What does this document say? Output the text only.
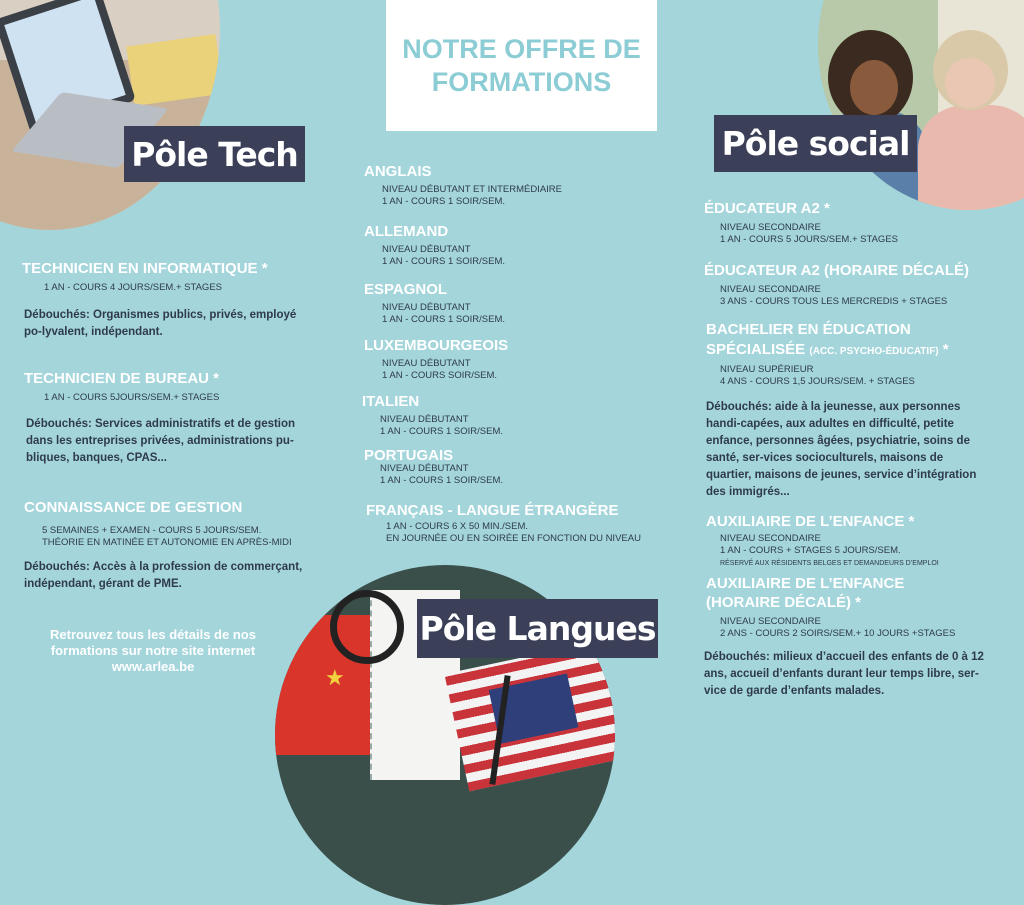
★
NOTRE OFFRE DE
FORMATIONS
Pôle Tech	Pôle social
Pôle Langues
TECHNICIEN EN INFORMATIQUE *
1 AN - COURS 4 JOURS/SEM.+ STAGES
Débouchés: Organismes publics, privés, employé po-lyvalent, indépendant.
TECHNICIEN DE BUREAU *
1 AN - COURS 5JOURS/SEM.+ STAGES
Débouchés: Services administratifs et de gestion dans les entreprises privées, administrations pu-bliques, banques, CPAS...
CONNAISSANCE DE GESTION
5 SEMAINES + EXAMEN - COURS 5 JOURS/SEM.
THÉORIE EN MATINÉE ET AUTONOMIE EN APRÈS-MIDI
Débouchés: Accès à la profession de commerçant, indépendant, gérant de PME.
Retrouvez tous les détails de nos
formations sur notre site internet
www.arlea.be
ANGLAIS
NIVEAU DÉBUTANT ET INTERMÉDIAIRE
1 AN - COURS 1 SOIR/SEM.
ALLEMAND
NIVEAU DÉBUTANT
1 AN - COURS 1 SOIR/SEM.
ESPAGNOL
NIVEAU DÉBUTANT
1 AN - COURS 1 SOIR/SEM.
LUXEMBOURGEOIS
NIVEAU DÉBUTANT
1 AN - COURS SOIR/SEM.
ITALIEN
NIVEAU DÉBUTANT
1 AN - COURS 1 SOIR/SEM.
PORTUGAIS
NIVEAU DÉBUTANT
1 AN - COURS 1 SOIR/SEM.
FRANÇAIS - LANGUE ÉTRANGÈRE
1 AN - COURS 6 X 50 MIN./SEM.
EN JOURNÉE OU EN SOIRÉE EN FONCTION DU NIVEAU
ÉDUCATEUR A2 *
NIVEAU SECONDAIRE
1 AN - COURS 5 JOURS/SEM.+ STAGES
ÉDUCATEUR A2 (HORAIRE DÉCALÉ)
NIVEAU SECONDAIRE
3 ANS - COURS TOUS LES MERCREDIS + STAGES
BACHELIER EN ÉDUCATION
SPÉCIALISÉE (ACC. PSYCHO-ÉDUCATIF) *
NIVEAU SUPÉRIEUR
4 ANS - COURS 1,5 JOURS/SEM. + STAGES
Débouchés: aide à la jeunesse, aux personnes handi-capées, aux adultes en difficulté, petite enfance, personnes âgées, psychiatrie, soins de santé, ser-vices socioculturels, maisons de quartier, maisons de jeunes, service d’intégration des immigrés...
AUXILIAIRE DE L’ENFANCE *
NIVEAU SECONDAIRE
1 AN - COURS + STAGES 5 JOURS/SEM.
RÉSERVÉ AUX RÉSIDENTS BELGES ET DEMANDEURS D’EMPLOI
AUXILIAIRE DE L’ENFANCE
(HORAIRE DÉCALÉ) *
NIVEAU SECONDAIRE
2 ANS - COURS 2 SOIRS/SEM.+ 10 JOURS +STAGES
Débouchés: milieux d’accueil des enfants de 0 à 12 ans, accueil d’enfants durant leur temps libre, ser-vice de garde d’enfants malades.
